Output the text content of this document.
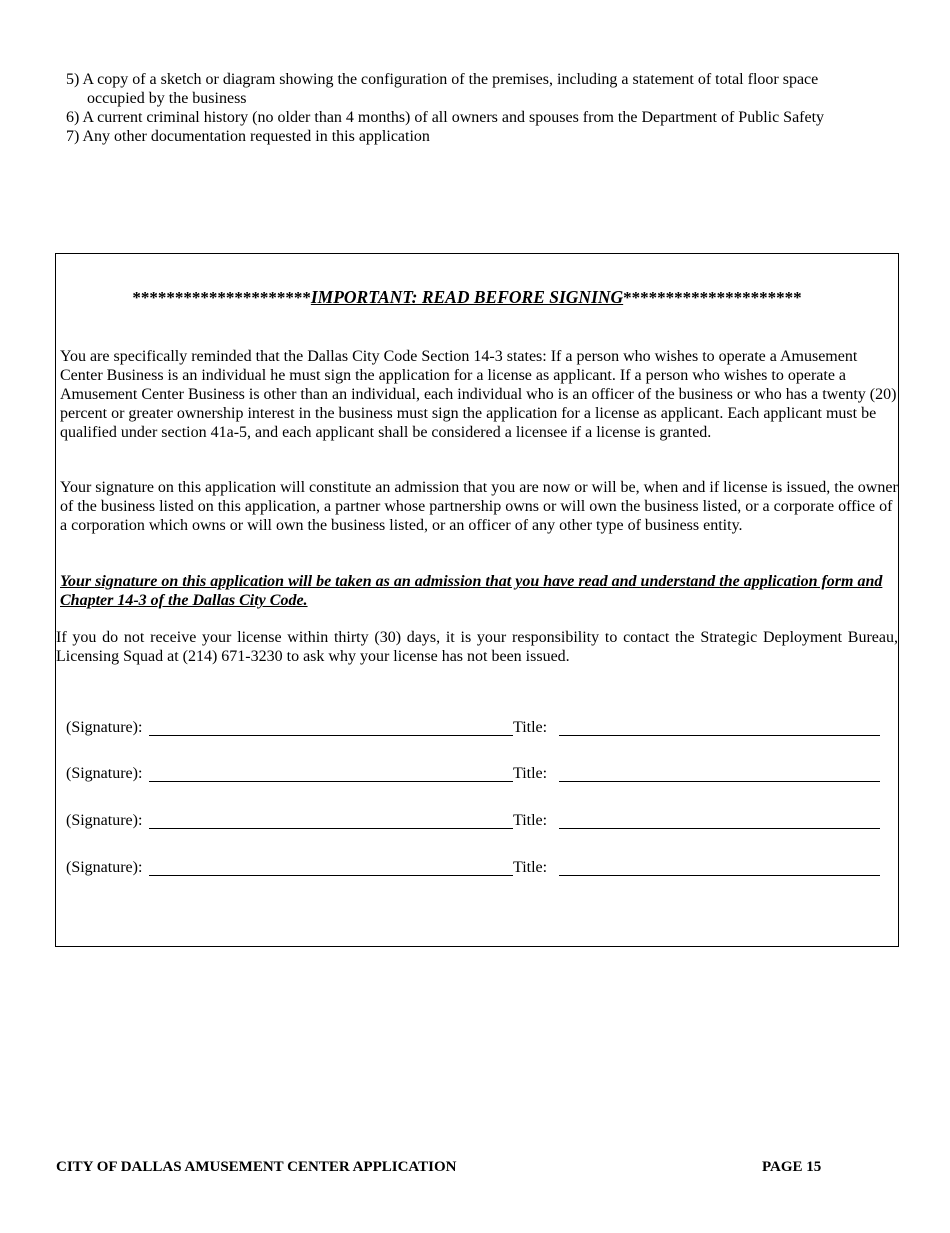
5) A copy of a sketch or diagram showing the configuration of the premises, including a statement of total floor space occupied by the business

6) A current criminal history (no older than 4 months) of all owners and spouses from the Department of Public Safety

7) Any other documentation requested in this application

*********************IMPORTANT: READ BEFORE SIGNING*********************

You are specifically reminded that the Dallas City Code Section 14-3 states: If a person who wishes to operate a Amusement Center Business is an individual he must sign the application for a license as applicant. If a person who wishes to operate a Amusement Center Business is other than an individual, each individual who is an officer of the business or who has a twenty (20) percent or greater ownership interest in the business must sign the application for a license as applicant. Each applicant must be qualified under section 41a-5, and each applicant shall be considered a licensee if a license is granted.

Your signature on this application will constitute an admission that you are now or will be, when and if license is issued, the owner of the business listed on this application, a partner whose partnership owns or will own the business listed, or a corporate office of a corporation which owns or will own the business listed, or an officer of any other type of business entity.

Your signature on this application will be taken as an admission that you have read and understand the application form and Chapter 14-3 of the Dallas City Code.

If you do not receive your license within thirty (30) days, it is your responsibility to contact the Strategic Deployment Bureau, Licensing Squad at (214) 671-3230 to ask why your license has not been issued.

(Signature):	Title:
(Signature):	Title:
(Signature):	Title:
(Signature):	Title:
CITY OF DALLAS AMUSEMENT CENTER APPLICATION	PAGE 15
